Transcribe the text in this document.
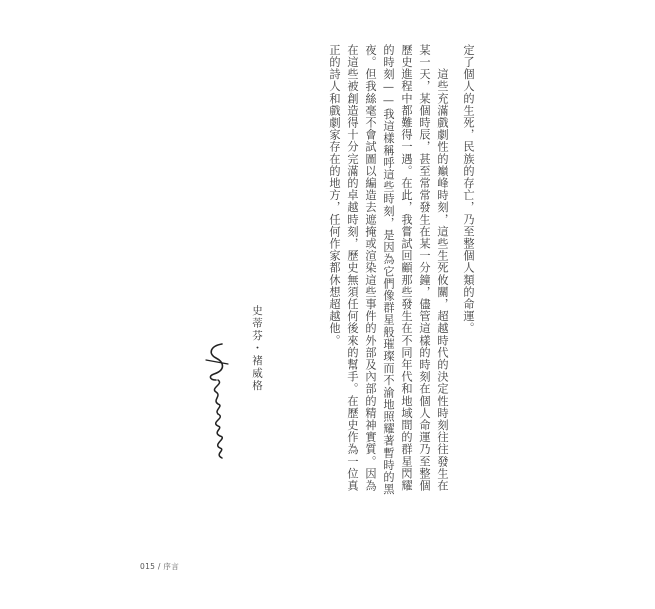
定了個人的生死，民族的存亡，乃至整個人類的命運。
　　這些充滿戲劇性的巔峰時刻，這些生死攸關，超越時代的決定性時刻往往發生在
某一天，某個時辰，甚至常常發生在某一分鐘，儘管這樣的時刻在個人命運乃至整個
歷史進程中都難得一遇。在此，我嘗試回顧那些發生在不同年代和地域間的群星閃耀
的時刻——我這樣稱呼這些時刻，是因為它們像群星般璀璨而不渝地照耀著暫時的黑
夜。但我絲毫不會試圖以編造去遮掩或渲染這些事件的外部及內部的精神實質。因為
在這些被創造得十分完滿的卓越時刻，歷史無須任何後來的幫手。在歷史作為一位真
正的詩人和戲劇家存在的地方，任何作家都休想超越他。
史蒂芬・褚威格
015 / 序言
